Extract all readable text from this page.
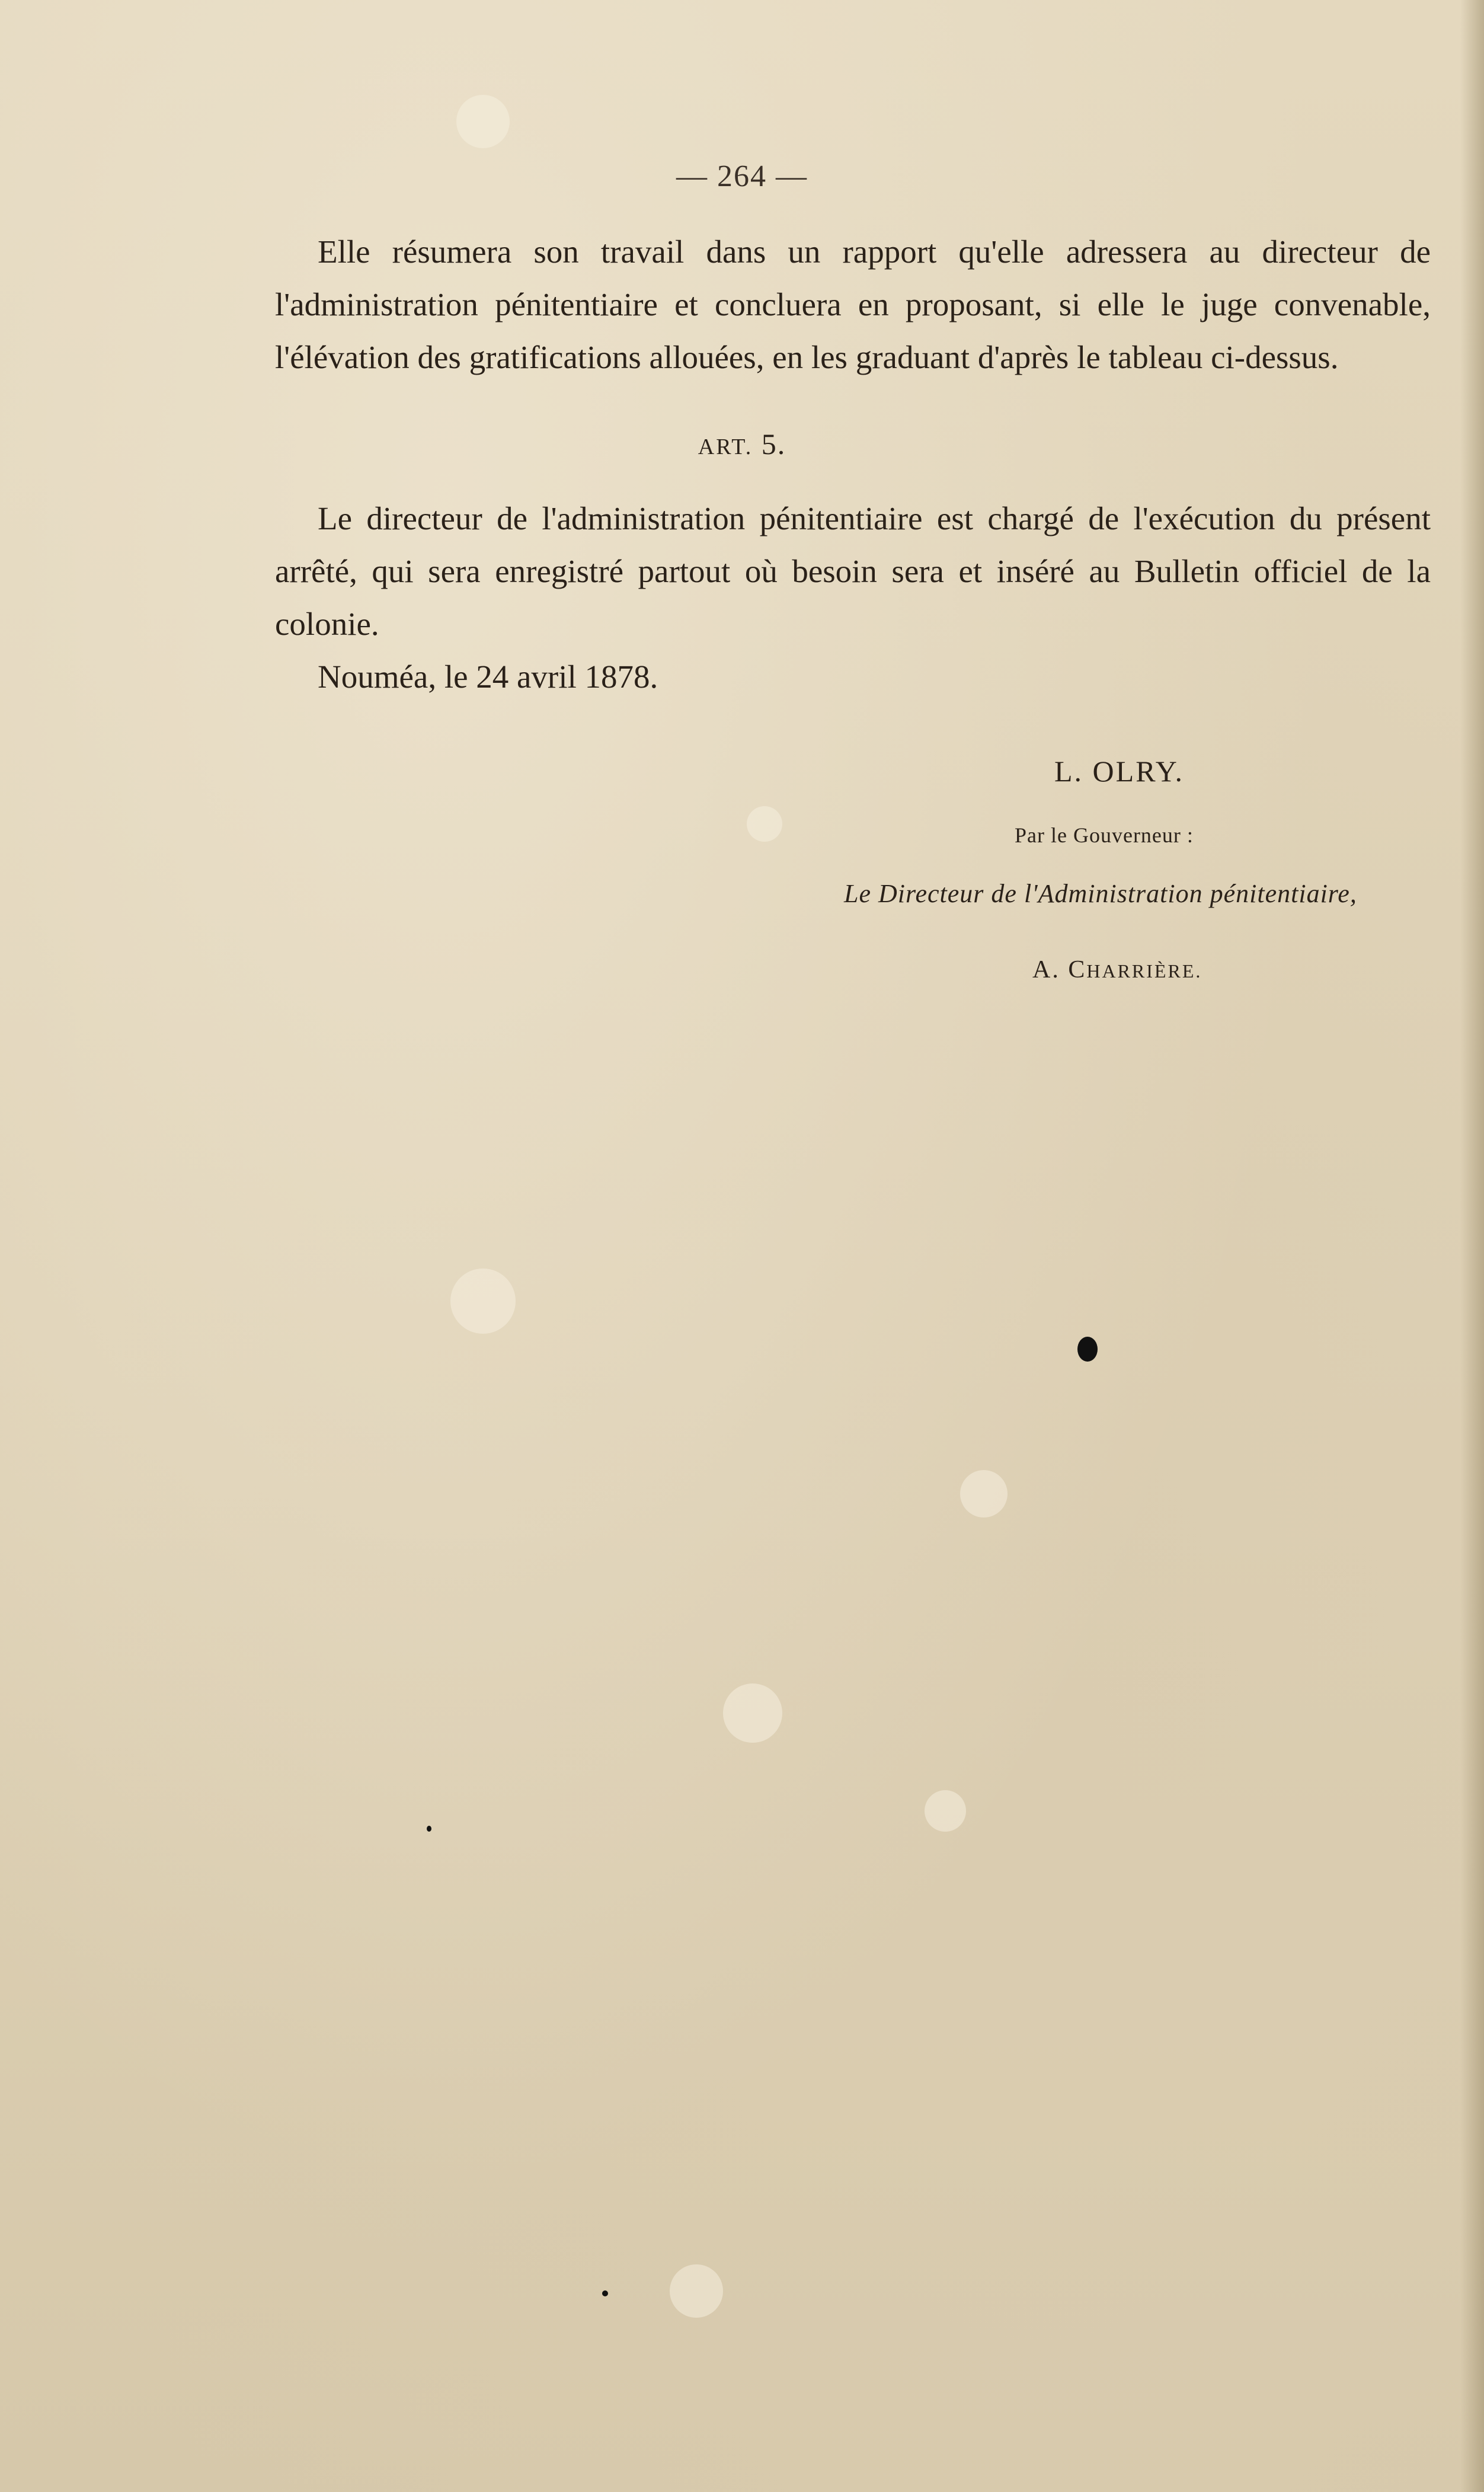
— 264 —

Elle résumera son travail dans un rapport qu'elle adressera au directeur de l'administration pénitentiaire et concluera en proposant, si elle le juge convenable, l'élévation des gratifications allouées, en les graduant d'après le tableau ci-dessus.

ART. 5.

Le directeur de l'administration pénitentiaire est chargé de l'exécution du présent arrêté, qui sera enregistré partout où besoin sera et inséré au Bulletin officiel de la colonie.

Nouméa, le 24 avril 1878.
L. OLRY.
Par le Gouverneur :
Le Directeur de l'Administration pénitentiaire,
A. CHARRIÈRE.
